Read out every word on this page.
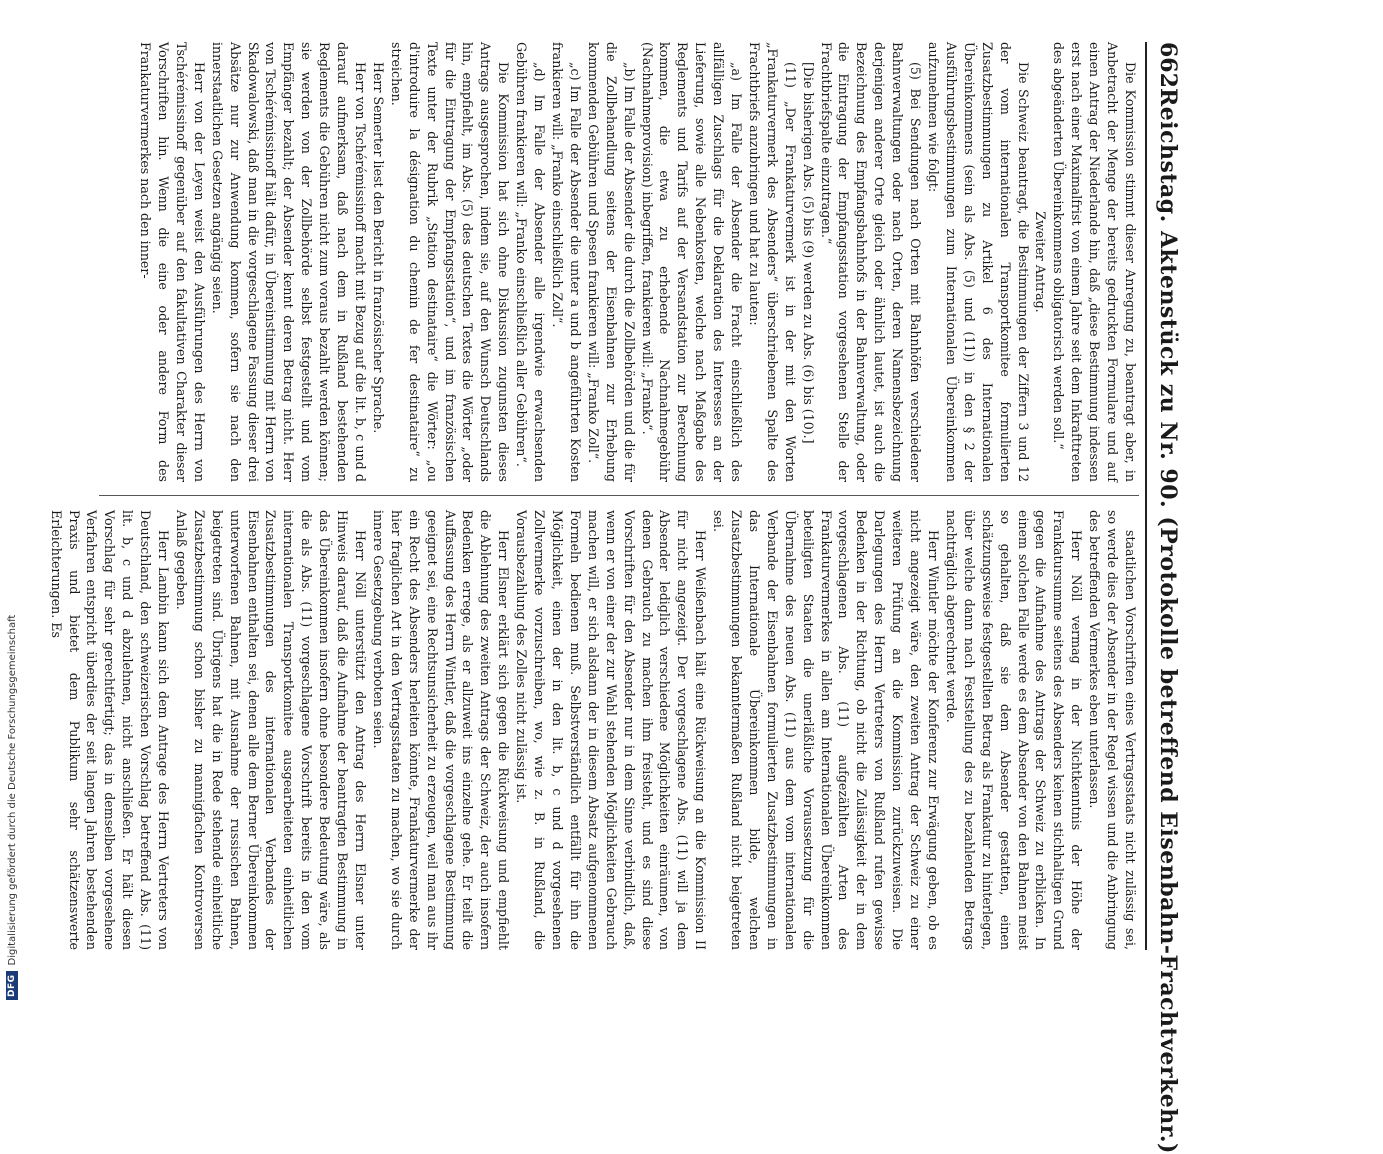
662
Reichstag. Aktenstück zu Nr. 90. (Protokolle betreffend Eisenbahn-Frachtverkehr.)

Die Kommission stimmt dieser Anregung zu, beantragt aber, in Anbetracht der Menge der bereits gedruckten Formulare und auf einen Antrag der Niederlande hin, daß „diese Bestimmung indessen erst nach einer Maximalfrist von einem Jahre seit dem Inkrafttreten des abgeänderten Übereinkommens obligatorisch werden soll.“

Zweiter Antrag.

Die Schweiz beantragt, die Bestimmungen der Ziffern 3 und 12 der vom internationalen Transportkomitee formulierten Zusatzbestimmungen zu Artikel 6 des Internationalen Übereinkommens (sein als Abs. (5) und (11)) in den § 2 der Ausführungsbestimmungen zum Internationalen Übereinkommen aufzunehmen wie folgt:

(5) Bei Sendungen nach Orten mit Bahnhöfen verschiedener Bahnverwaltungen oder nach Orten, deren Namensbezeichnung derjenigen anderer Orte gleich oder ähnlich lautet, ist auch die Bezeichnung des Empfangsbahnhofs in der Bahnverwaltung, oder die Eintragung der Empfangsstation vorgesehenen Stelle der Frachtbriefspalte einzutragen.“

[Die bisherigen Abs. (5) bis (9) werden zu Abs. (6) bis (10).]

(11) „Der Frankaturvermerk ist in der mit den Worten „Frankaturvermerk des Absenders“ überschriebenen Spalte des Frachtbriefs anzubringen und hat zu lauten:

„a) Im Falle der Absender die Fracht einschließlich des allfälligen Zuschlags für die Deklaration des Interesses an der Lieferung, sowie alle Nebenkosten, welche nach Maßgabe des Reglements und Tarifs auf der Versandstation zur Berechnung kommen, die etwa zu erhebende Nachnahmegebühr (Nachnahmeprovision) inbegriffen, frankieren will: „Franko“.

„b) Im Falle der Absender die durch die Zollbehörden und die für die Zollbehandlung seitens der Eisenbahnen zur Erhebung kommenden Gebühren und Spesen frankieren will: „Franko Zoll“.

„c) Im Falle der Absender die unter a und b angeführten Kosten frankieren will: „Franko einschließlich Zoll“.

„d) Im Falle der Absender alle irgendwie erwachsenden Gebühren frankieren will: „Franko einschließlich aller Gebühren“.

Die Kommission hat sich ohne Diskussion zugunsten dieses Antrags ausgesprochen, indem sie, auf den Wunsch Deutschlands hin, empfiehlt, im Abs. (5) des deutschen Textes die Wörter „oder für die Eintragung der Empfangsstation“, und im französischen Texte unter der Rubrik „Station destinataire“ die Wörter: „ou d'introduire la désignation du chemin de fer destinataire“ zu streichen.

Herr Semerter liest den Bericht in französischer Sprache.

Herr von Tschérémissinoff macht mit Bezug auf die lit. b, c und d darauf aufmerksam, daß nach dem in Rußland bestehenden Reglements die Gebühren nicht zum voraus bezahlt werden können; sie werden von der Zollbehörde selbst festgestellt und vom Empfänger bezahlt; der Absender kennt deren Betrag nicht. Herr von Tschérémissinoff hält dafür, in Übereinstimmung mit Herrn von Skadowalowski, daß man in die vorgeschlagene Fassung dieser drei Absätze nur zur Anwendung kommen, sofern sie nach den innerstaatlichen Gesetzen angängig seien.

Herr von der Leyen weist den Ausführungen des Herrn von Tschérémissinoff gegenüber auf den fakultativen Charakter dieser Vorschriften hin. Wenn die eine oder andere Form des Frankaturvermerkes nach den inner-

staatlichen Vorschriften eines Vertragsstaats nicht zulässig sei, so werde dies der Absender in der Regel wissen und die Anbringung des betreffenden Vermerkes eben unterlassen.

Herr Nöll vermag in der Nichtkenntnis der Höhe der Frankatursumme seitens des Absenders keinen stichhaltigen Grund gegen die Aufnahme des Antrags der Schweiz zu erblicken. In einem solchen Falle werde es dem Absender von den Bahnen meist so gehalten, daß sie dem Absender gestatten, einen schätzungsweise festgestellten Betrag als Frankatur zu hinterlegen, über welche dann nach Feststellung des zu bezahlenden Betrags nachträglich abgerechnet werde.

Herr Wintler möchte der Konferenz zur Erwägung geben, ob es nicht angezeigt wäre, den zweiten Antrag der Schweiz zu einer weiteren Prüfung an die Kommission zurückzuweisen. Die Darlegungen des Herrn Vertreters von Rußland rufen gewisse Bedenken in der Richtung, ob nicht die Zulässigkeit der in dem vorgeschlagenen Abs. (11) aufgezählten Arten des Frankaturvermerkes in allen am Internationalen Übereinkommen beteiligten Staaten die unerläßliche Voraussetzung für die Übernahme des neuen Abs. (11) aus dem vom internationalen Verbande der Eisenbahnen formulierten Zusatzbestimmungen in das Internationale Übereinkommen bilde, welchen Zusatzbestimmungen bekanntermaßen Rußland nicht beigetreten sei.

Herr Weißenbach hält eine Rückweisung an die Kommission II für nicht angezeigt. Der vorgeschlagene Abs. (11) will ja dem Absender lediglich verschiedene Möglichkeiten einräumen, von denen Gebrauch zu machen ihm freisteht, und es sind diese Vorschriften für den Absender nur in dem Sinne verbindlich, daß, wenn er von einer der zur Wahl stehenden Möglichkeiten Gebrauch machen will, er sich alsdann der in diesem Absatz aufgenommenen Formeln bedienen muß. Selbstverständlich entfällt für ihn die Möglichkeit, einen der in den lit. b, c und d vorgesehenen Zollvermerke vorzuschreiben, wo, wie z. B. in Rußland, die Vorausbezahlung des Zolles nicht zulässig ist.

Herr Elsner erklärt sich gegen die Rückweisung und empfiehlt die Ablehnung des zweiten Antrags der Schweiz, der auch insofern Bedenken errege, als er allzuweit ins einzelne gehe. Er teilt die Auffassung des Herrn Wintler, daß die vorgeschlagene Bestimmung geeignet sei, eine Rechtsunsicherheit zu erzeugen, weil man aus ihr ein Recht des Absenders herleiten könnte, Frankaturvermerke der hier fraglichen Art in den Vertragsstaaten zu machen, wo sie durch innere Gesetzgebung verboten seien.

Herr Nöll unterstützt den Antrag des Herrn Elsner unter Hinweis darauf, daß die Aufnahme der beantragten Bestimmung in das Übereinkommen insofern ohne besondere Bedeutung wäre, als die als Abs. (11) vorgeschlagene Vorschrift bereits in den vom internationalen Transportkomitee ausgearbeiteten einheitlichen Zusatzbestimmungen des internationalen Verbandes der Eisenbahnen enthalten sei, denen alle dem Berner Übereinkommen unterworfenen Bahnen, mit Ausnahme der russischen Bahnen, beigetreten sind. Übrigens hat die in Rede stehende einheitliche Zusatzbestimmung schon bisher zu mannigfachen Kontroversen Anlaß gegeben.

Herr Lambin kann sich dem Antrage des Herrn Vertreters von Deutschland, den schweizerischen Vorschlag betreffend Abs. (11) lit. b, c und d abzulehnen, nicht anschließen. Er hält diesen Vorschlag für sehr gerechtfertigt; das in demselben vorgesehene Verfahren entspricht überdies der seit langen Jahren bestehenden Praxis und bietet dem Publikum sehr schätzenswerte Erleichterungen. Es

DFG
Digitalisierung gefördert durch die Deutsche Forschungsgemeinschaft
